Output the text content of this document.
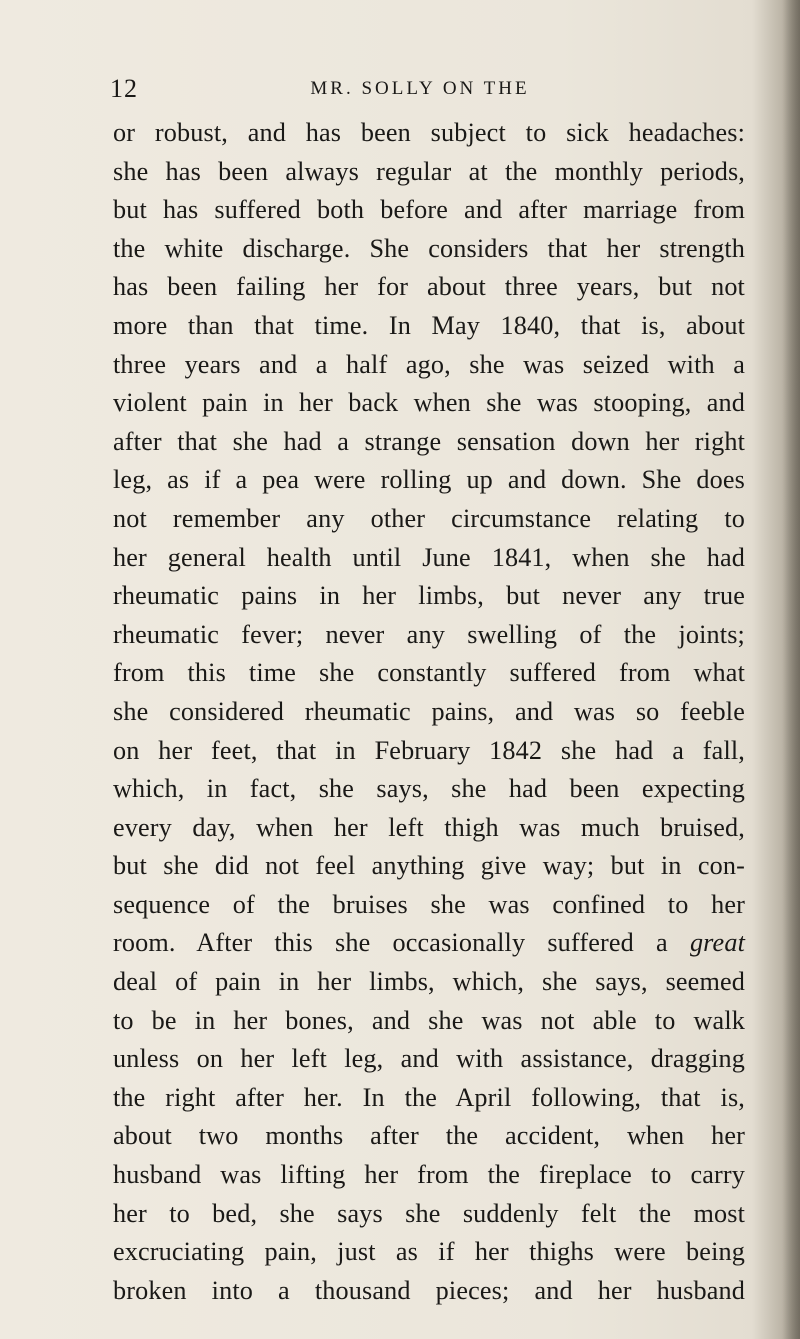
12	MR. SOLLY ON THE
or robust, and has been subject to sick headaches:
she has been always regular at the monthly periods,
but has suffered both before and after marriage from
the white discharge. She considers that her strength
has been failing her for about three years, but not
more than that time. In May 1840, that is, about
three years and a half ago, she was seized with a
violent pain in her back when she was stooping, and
after that she had a strange sensation down her right
leg, as if a pea were rolling up and down. She does
not remember any other circumstance relating to
her general health until June 1841, when she had
rheumatic pains in her limbs, but never any true
rheumatic fever; never any swelling of the joints;
from this time she constantly suffered from what
she considered rheumatic pains, and was so feeble
on her feet, that in February 1842 she had a fall,
which, in fact, she says, she had been expecting
every day, when her left thigh was much bruised,
but she did not feel anything give way; but in con-
sequence of the bruises she was confined to her
room. After this she occasionally suffered a great
deal of pain in her limbs, which, she says, seemed
to be in her bones, and she was not able to walk
unless on her left leg, and with assistance, dragging
the right after her. In the April following, that is,
about two months after the accident, when her
husband was lifting her from the fireplace to carry
her to bed, she says she suddenly felt the most
excruciating pain, just as if her thighs were being
broken into a thousand pieces; and her husband
